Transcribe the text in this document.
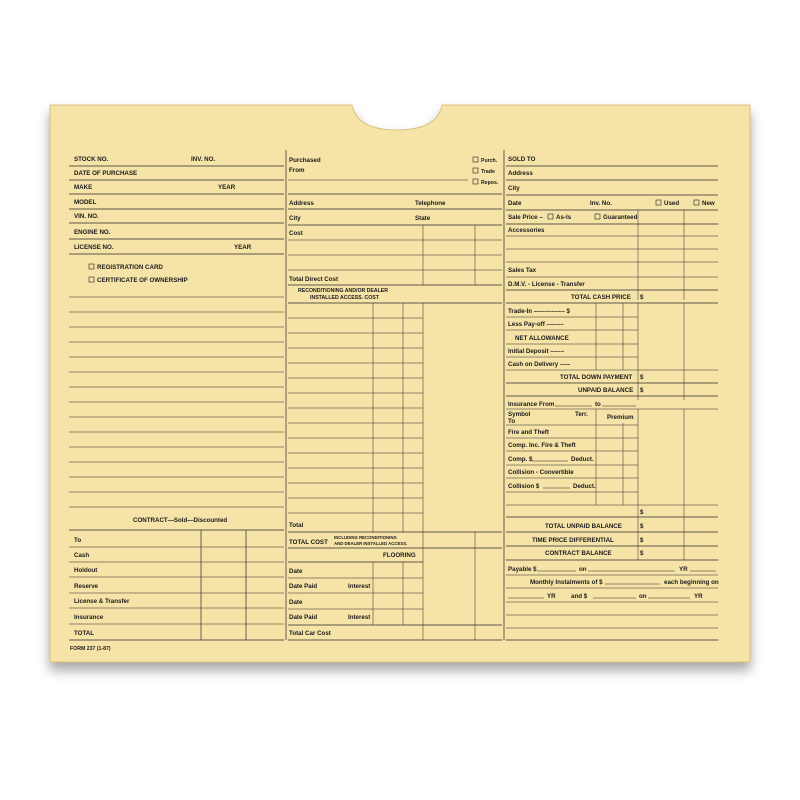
STOCK NO.	INV. NO.
DATE OF PURCHASE
MAKE	YEAR
MODEL
VIN. NO.
ENGINE NO.
LICENSE NO.	YEAR
REGISTRATION CARD
CERTIFICATE OF OWNERSHIP
CONTRACT—Sold—Discounted
To
Cash
Holdout
Reserve
License & Transfer
Insurance
TOTAL
FORM 237 (1-87)
Purchased
From
Purch.
Trade
Repos.
Address	Telephone
City	State
Cost
Total Direct Cost
RECONDITIONING AND/OR DEALER
INSTALLED ACCESS. COST
Total
TOTAL COST
INCLUDING RECONDITIONING
AND DEALER INSTALLED ACCESS.
FLOORING
Date
Date Paid	Interest
Date
Date Paid	Interest
Total Car Cost
SOLD TO
Address
City
Date	Inv. No.	Used	New
Sale Price – As-Is	Guaranteed
Accessories
Sales Tax
D.M.V. - License - Transfer
TOTAL CASH PRICE $
Trade-In ––––––––– $
Less Pay-off –––––
NET ALLOWANCE
Initial Deposit ––––
Cash on Delivery –––
TOTAL DOWN PAYMENT $
UNPAID BALANCE $
Insurance From	to
Symbol
To
Terr.	Premium
Fire and Theft
Comp. Inc. Fire & Theft
Comp. $	Deduct.
Collision - Convertible
Collision $	Deduct.
$
TOTAL UNPAID BALANCE	$
TIME PRICE DIFFERENTIAL	$
CONTRACT BALANCE	$
Payable $	on	YR
Monthly Instalments of $	each beginning on
YR and $	on	YR
